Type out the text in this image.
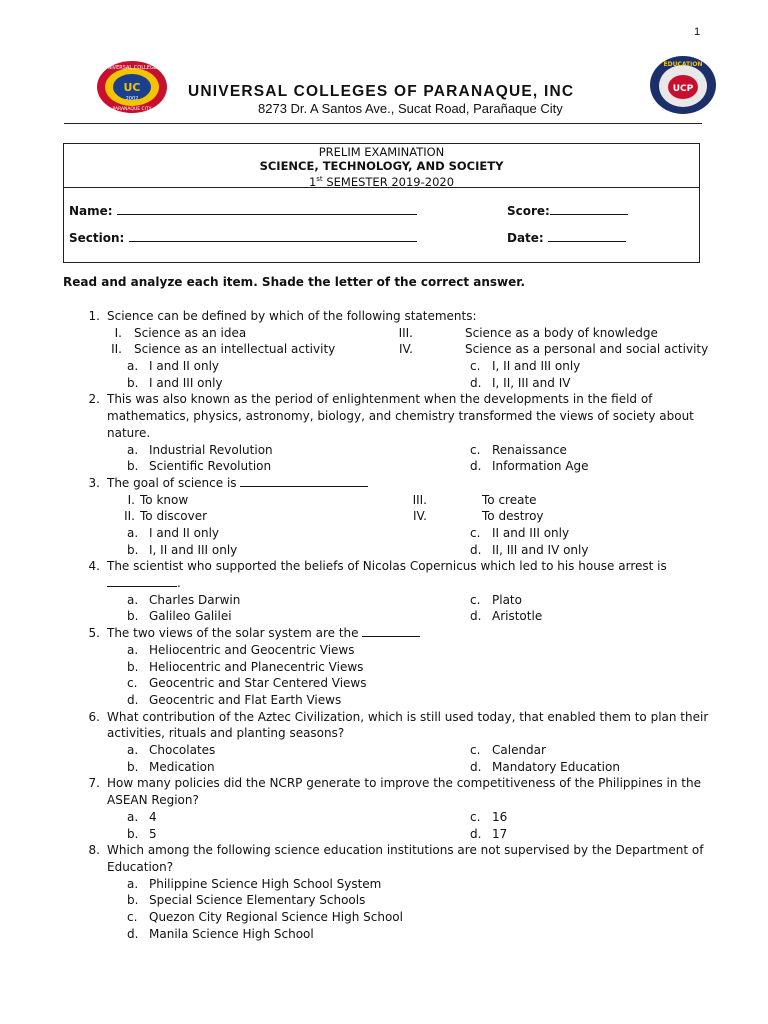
1
UNIVERSAL COLLEGES
UC
2002
PARANAQUE CITY
UNIVERSAL COLLEGES OF PARANAQUE, INC
8273 Dr. A Santos Ave., Sucat Road, Parañaque City
EDUCATION
UCP
PRELIM EXAMINATION
SCIENCE, TECHNOLOGY, AND SOCIETY
1st SEMESTER 2019-2020
Name:
Section:
Score:
Date:
Read and analyze each item. Shade the letter of the correct answer.
1. Science can be defined by which of the following statements:
I. Science as an idea	III.	Science as a body of knowledge
II. Science as an intellectual activity	IV.	Science as a personal and social activity
a. I and II only	c. I, II and III only
b. I and III only	d. I, II, III and IV
2. This was also known as the period of enlightenment when the developments in the field of mathematics, physics, astronomy, biology, and chemistry transformed the views of society about nature.
a. Industrial Revolution	c. Renaissance
b. Scientific Revolution	d. Information Age
3. The goal of science is
I. To know	III.	To create
II. To discover	IV.	To destroy
a. I and II only	c. II and III only
b. I, II and III only	d. II, III and IV only
4. The scientist who supported the beliefs of Nicolas Copernicus which led to his house arrest is .
a. Charles Darwin	c. Plato
b. Galileo Galilei	d. Aristotle
5. The two views of the solar system are the
a. Heliocentric and Geocentric Views
b. Heliocentric and Planecentric Views
c. Geocentric and Star Centered Views
d. Geocentric and Flat Earth Views
6. What contribution of the Aztec Civilization, which is still used today, that enabled them to plan their activities, rituals and planting seasons?
a. Chocolates	c. Calendar
b. Medication	d. Mandatory Education
7. How many policies did the NCRP generate to improve the competitiveness of the Philippines in the ASEAN Region?
a. 4	c. 16
b. 5	d. 17
8. Which among the following science education institutions are not supervised by the Department of Education?
a. Philippine Science High School System
b. Special Science Elementary Schools
c. Quezon City Regional Science High School
d. Manila Science High School
